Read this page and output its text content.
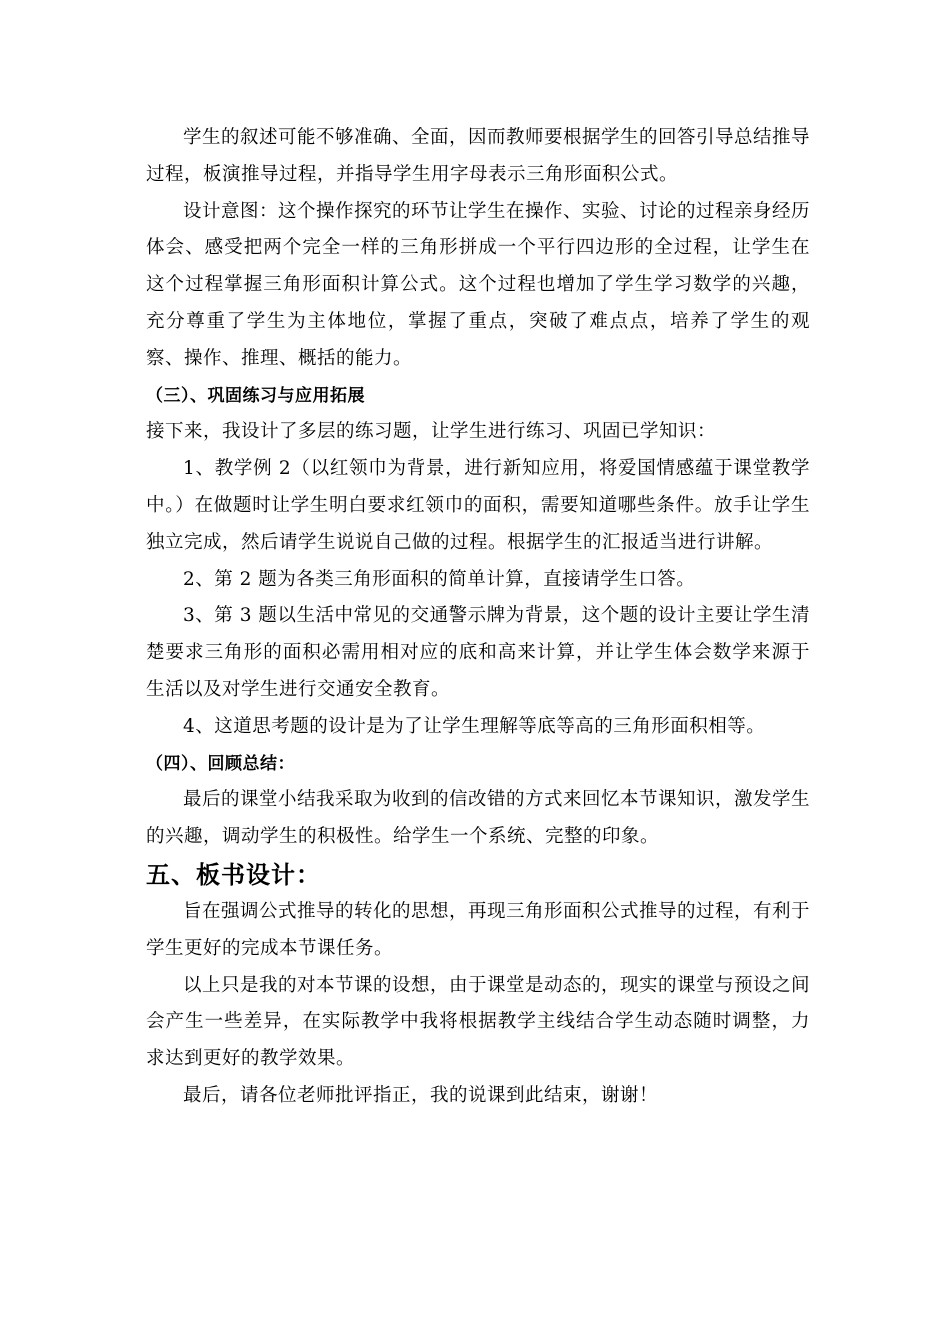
学生的叙述可能不够准确、全面，因而教师要根据学生的回答引导总结推导过程，板演推导过程，并指导学生用字母表示三角形面积公式。

设计意图：这个操作探究的环节让学生在操作、实验、讨论的过程亲身经历体会、感受把两个完全一样的三角形拼成一个平行四边形的全过程，让学生在这个过程掌握三角形面积计算公式。这个过程也增加了学生学习数学的兴趣，充分尊重了学生为主体地位，掌握了重点，突破了难点点，培养了学生的观察、操作、推理、概括的能力。

（三）、巩固练习与应用拓展

接下来，我设计了多层的练习题，让学生进行练习、巩固已学知识：

1、教学例 2（以红领巾为背景，进行新知应用，将爱国情感蕴于课堂教学中。）在做题时让学生明白要求红领巾的面积，需要知道哪些条件。放手让学生独立完成，然后请学生说说自己做的过程。根据学生的汇报适当进行讲解。

2、第 2 题为各类三角形面积的简单计算，直接请学生口答。

3、第 3 题以生活中常见的交通警示牌为背景，这个题的设计主要让学生清楚要求三角形的面积必需用相对应的底和高来计算，并让学生体会数学来源于生活以及对学生进行交通安全教育。

4、这道思考题的设计是为了让学生理解等底等高的三角形面积相等。

（四）、回顾总结：

最后的课堂小结我采取为收到的信改错的方式来回忆本节课知识，激发学生的兴趣，调动学生的积极性。给学生一个系统、完整的印象。

五、板书设计：

旨在强调公式推导的转化的思想，再现三角形面积公式推导的过程，有利于学生更好的完成本节课任务。

以上只是我的对本节课的设想，由于课堂是动态的，现实的课堂与预设之间会产生一些差异，在实际教学中我将根据教学主线结合学生动态随时调整，力求达到更好的教学效果。

最后，请各位老师批评指正，我的说课到此结束，谢谢！
